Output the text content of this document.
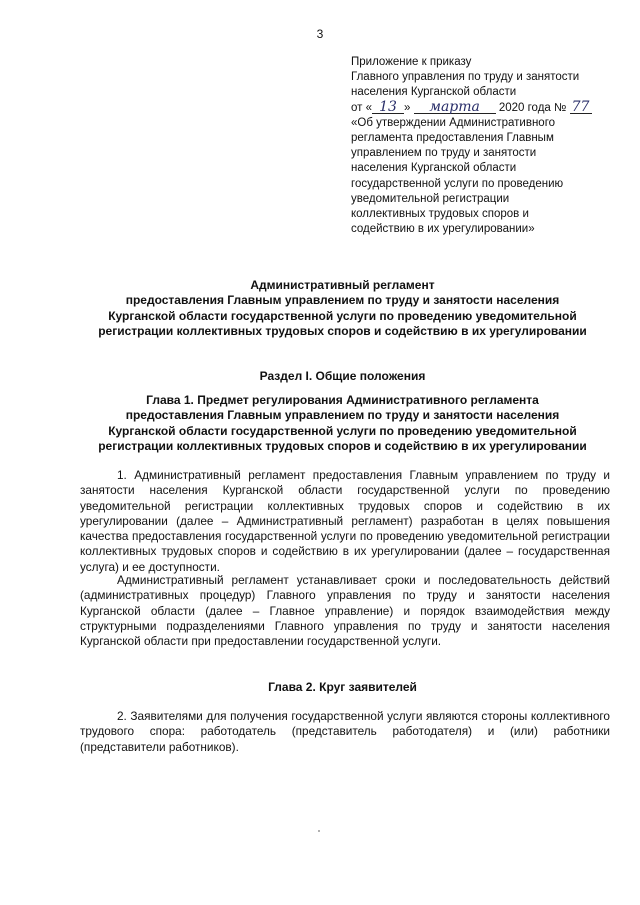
3
Приложение к приказу
Главного управления по труду и занятости
населения Курганской области
от « 13 » марта 2020 года № 77
«Об утверждении Административного
регламента предоставления Главным
управлением по труду и занятости
населения Курганской области
государственной услуги по проведению
уведомительной регистрации
коллективных трудовых споров и
содействию в их урегулировании»
Административный регламент
предоставления Главным управлением по труду и занятости населения
Курганской области государственной услуги по проведению уведомительной
регистрации коллективных трудовых споров и содействию в их урегулировании
Раздел I. Общие положения
Глава 1. Предмет регулирования Административного регламента
предоставления Главным управлением по труду и занятости населения
Курганской области государственной услуги по проведению уведомительной
регистрации коллективных трудовых споров и содействию в их урегулировании

1. Административный регламент предоставления Главным управлением по труду и занятости населения Курганской области государственной услуги по проведению уведомительной регистрации коллективных трудовых споров и содействию в их урегулировании (далее – Административный регламент) разработан в целях повышения качества предоставления государственной услуги по проведению уведомительной регистрации коллективных трудовых споров и содействию в их урегулировании (далее – государственная услуга) и ее доступности.

Административный регламент устанавливает сроки и последовательность действий (административных процедур) Главного управления по труду и занятости населения Курганской области (далее – Главное управление) и порядок взаимодействия между структурными подразделениями Главного управления по труду и занятости населения Курганской области при предоставлении государственной услуги.

Глава 2. Круг заявителей

2. Заявителями для получения государственной услуги являются стороны коллективного трудового спора: работодатель (представитель работодателя) и (или) работники (представители работников).
